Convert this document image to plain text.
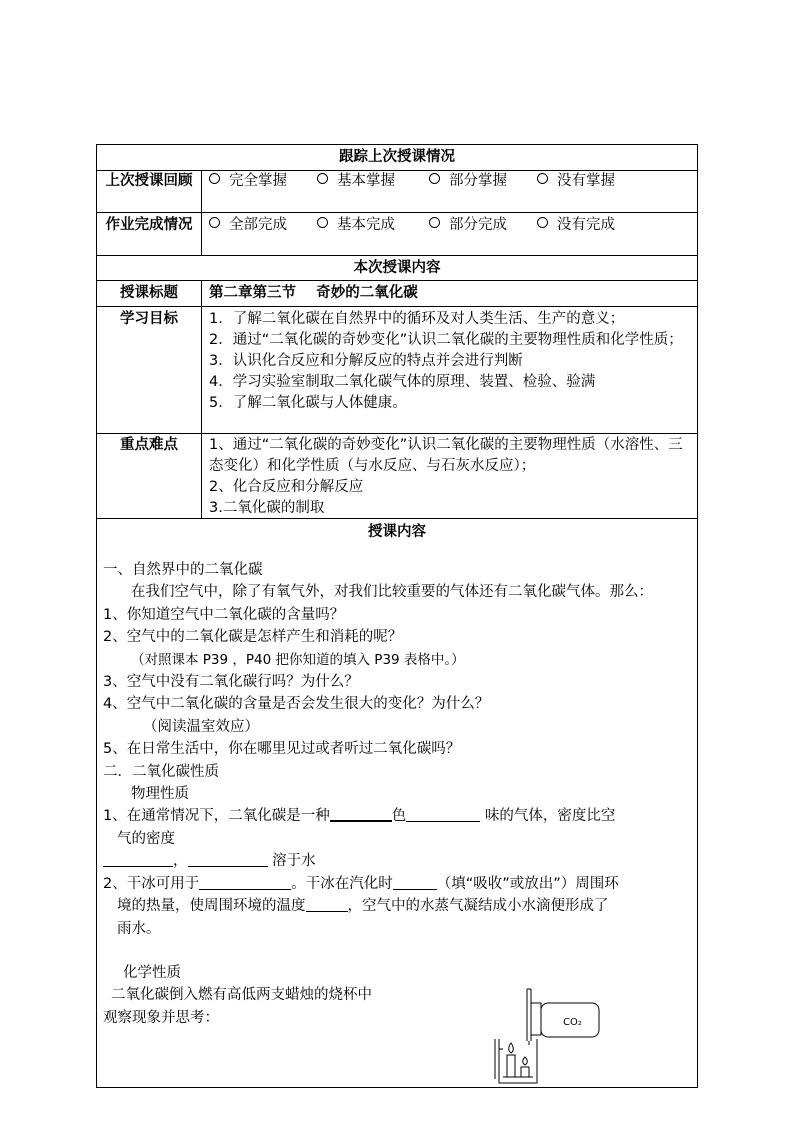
跟踪上次授课情况
上次授课回顾	完全掌握	基本掌握	部分掌握	没有掌握
作业完成情况	全部完成	基本完成	部分完成	没有完成
本次授课内容
授课标题	第二章第三节    奇妙的二氧化碳
学习目标	1．了解二氧化碳在自然界中的循环及对人类生活、生产的意义；
2．通过“二氧化碳的奇妙变化”认识二氧化碳的主要物理性质和化学性质；
3．认识化合反应和分解反应的特点并会进行判断
4．学习实验室制取二氧化碳气体的原理、装置、检验、验满
5．了解二氧化碳与人体健康。
重点难点	1、通过“二氧化碳的奇妙变化”认识二氧化碳的主要物理性质（水溶性、三态变化）和化学性质（与水反应、与石灰水反应）；
2、化合反应和分解反应
3.二氧化碳的制取
授课内容
一、自然界中的二氧化碳
在我们空气中，除了有氧气外，对我们比较重要的气体还有二氧化碳气体。那么：
1、你知道空气中二氧化碳的含量吗？
2、空气中的二氧化碳是怎样产生和消耗的呢？
（对照课本 P39 ，P40 把你知道的填入 P39 表格中。）
3、空气中没有二氧化碳行吗？为什么？
4、空气中二氧化碳的含量是否会发生很大的变化？为什么？
（阅读温室效应）
5、在日常生活中，你在哪里见过或者听过二氧化碳吗？
二．二氧化碳性质
物理性质
1、在通常情况下，二氧化碳是一种	色	味的气体，密度比空
气的密度
，	溶于水
2、干冰可用于	。干冰在汽化时	（填“吸收”或放出”）周围环
境的热量，使周围环境的温度	，空气中的水蒸气凝结成小水滴便形成了
雨水。
化学性质
二氧化碳倒入燃有高低两支蜡烛的烧杯中
观察现象并思考：	CO₂
